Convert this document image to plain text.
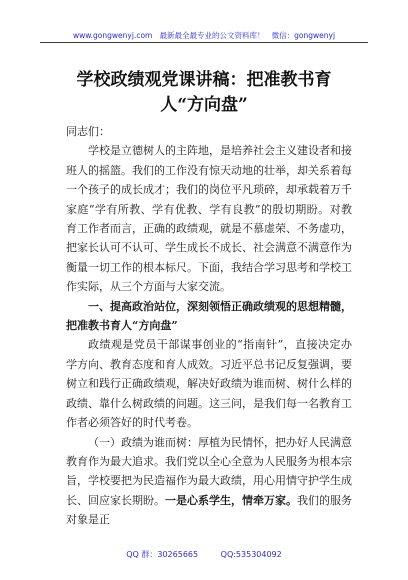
www.gongwenyj.com 最新最全最专业的公文资料库！ 微信：gongwenyj
学校政绩观党课讲稿：把准教书育人“方向盘”

同志们：

学校是立德树人的主阵地，是培养社会主义建设者和接班人的摇篮。我们的工作没有惊天动地的壮举，却关系着每一个孩子的成长成才；我们的岗位平凡琐碎，却承载着万千家庭“学有所教、学有优教、学有良教”的殷切期盼。对教育工作者而言，正确的政绩观，就是不慕虚荣、不务虚功，把家长认可不认可、学生成长不成长、社会满意不满意作为衡量一切工作的根本标尺。下面，我结合学习思考和学校工作实际，从三个方面与大家交流。

一、提高政治站位，深刻领悟正确政绩观的思想精髓，把准教书育人“方向盘”

政绩观是党员干部谋事创业的“指南针”，直接决定办学方向、教育态度和育人成效。习近平总书记反复强调，要树立和践行正确政绩观，解决好政绩为谁而树、树什么样的政绩、靠什么树政绩的问题。这三问，是我们每一名教育工作者必须答好的时代考卷。

（一）政绩为谁而树：厚植为民情怀，把办好人民满意教育作为最大追求。我们党以全心全意为人民服务为根本宗旨，学校要把为民造福作为最大政绩，用心用情守护学生成长、回应家长期盼。一是心系学生，情牵万家。我们的服务对象是正

QQ 群：30265665	QQ:535304092
